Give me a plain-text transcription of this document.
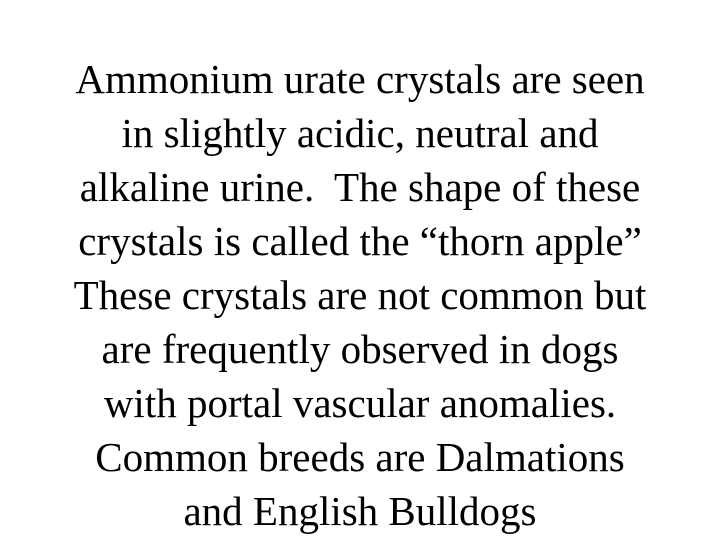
Ammonium urate crystals are seen
in slightly acidic, neutral and
alkaline urine.  The shape of these
crystals is called the “thorn apple”
These crystals are not common but
are frequently observed in dogs
with portal vascular anomalies.
Common breeds are Dalmations
and English Bulldogs
